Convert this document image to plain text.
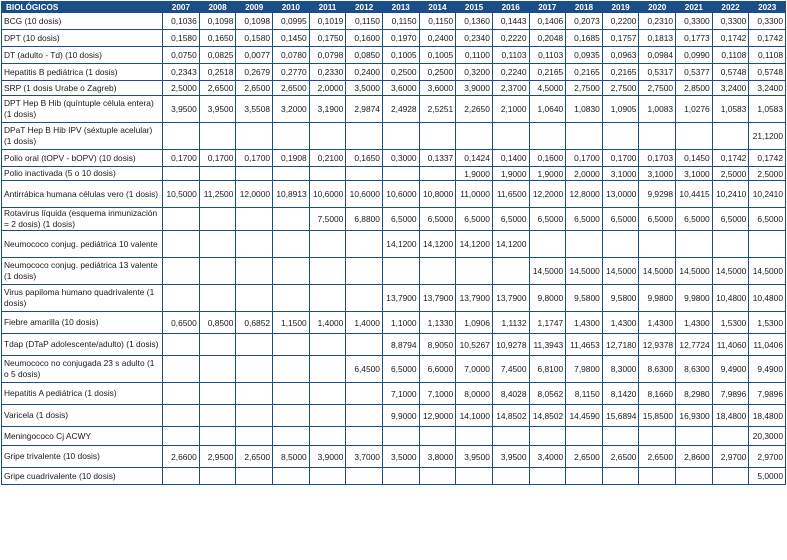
BIOLÓGICOS	2007	2008	2009	2010	2011	2012	2013	2014	2015	2016	2017	2018	2019	2020	2021	2022	2023
BCG (10 dosis)	0,1036	0,1098	0,1098	0,0995	0,1019	0,1150	0,1150	0,1150	0,1360	0,1443	0,1406	0,2073	0,2200	0,2310	0,3300	0,3300	0,3300
DPT (10 dosis)	0,1580	0,1650	0,1580	0,1450	0,1750	0,1600	0,1970	0,2400	0,2340	0,2220	0,2048	0,1685	0,1757	0,1813	0,1773	0,1742	0,1742
DT (adulto - Td) (10 dosis)	0,0750	0,0825	0,0077	0,0780	0,0798	0,0850	0,1005	0,1005	0,1100	0,1103	0,1103	0,0935	0,0963	0,0984	0,0990	0,1108	0,1108
Hepatitis B pediátrica (1 dosis)	0,2343	0,2518	0,2679	0,2770	0,2330	0,2400	0,2500	0,2500	0,3200	0,2240	0,2165	0,2165	0,2165	0,5317	0,5377	0,5748	0,5748
SRP (1 dosis Urabe o Zagreb)	2,5000	2,6500	2,6500	2,6500	2,0000	3,5000	3,6000	3,6000	3,9000	2,3700	4,5000	2,7500	2,7500	2,7500	2,8500	3,2400	3,2400
DPT Hep B Hib (quíntuple célula entera) (1 dosis)	3,9500	3,9500	3,5508	3,2000	3,1900	2,9874	2,4928	2,5251	2,2650	2,1000	1,0640	1,0830	1,0905	1,0083	1,0276	1,0583	1,0583
DPaT Hep B Hib IPV (séxtuple acelular) (1 dosis)																	21,1200
Polio oral (tOPV - bOPV) (10 dosis)	0,1700	0,1700	0,1700	0,1908	0,2100	0,1650	0,3000	0,1337	0,1424	0,1400	0,1600	0,1700	0,1700	0,1703	0,1450	0,1742	0,1742
Polio inactivada (5 o 10 dosis)									1,9000	1,9000	1,9000	2,0000	3,1000	3,1000	3,1000	2,5000	2,5000
Antirrábica humana células vero (1 dosis)	10,5000	11,2500	12,0000	10,8913	10,6000	10,6000	10,6000	10,8000	11,0000	11,6500	12,2000	12,8000	13,0000	9,9298	10,4415	10,2410	10,2410
Rotavirus líquida (esquema inmunización = 2 dosis) (1 dosis)					7,5000	6,8800	6,5000	6,5000	6,5000	6,5000	6,5000	6,5000	6,5000	6,5000	6,5000	6,5000	6,5000
Neumococo conjug. pediátrica 10 valente							14,1200	14,1200	14,1200	14,1200							
Neumococo conjug. pediátrica 13 valente (1 dosis)											14,5000	14,5000	14,5000	14,5000	14,5000	14,5000	14,5000
Virus papiloma humano quadrivalente (1 dosis)							13,7900	13,7900	13,7900	13,7900	9,8000	9,5800	9,5800	9,9800	9,9800	10,4800	10,4800
Fiebre amarilla (10 dosis)	0,6500	0,8500	0,6852	1,1500	1,4000	1,4000	1,1000	1,1330	1,0906	1,1132	1,1747	1,4300	1,4300	1,4300	1,4300	1,5300	1,5300
Tdap (DTaP adolescente/adulto) (1 dosis)							8,8794	8,9050	10,5267	10,9278	11,3943	11,4653	12,7180	12,9378	12,7724	11,4060	11,0406
Neumococo no conjugada 23 s adulto (1 o 5 dosis)						6,4500	6,5000	6,6000	7,0000	7,4500	6,8100	7,9800	8,3000	8,6300	8,6300	9,4900	9,4900
Hepatitis A pediátrica (1 dosis)							7,1000	7,1000	8,0000	8,4028	8,0562	8,1150	8,1420	8,1660	8,2980	7,9896	7,9896
Varicela (1 dosis)							9,9000	12,9000	14,1000	14,8502	14,8502	14,4590	15,6894	15,8500	16,9300	18,4800	18,4800
Meningococo Cj ACWY																	20,3000
Gripe trivalente (10 dosis)	2,6600	2,9500	2,6500	8,5000	3,9000	3,7000	3,5000	3,8000	3,9500	3,9500	3,4000	2,6500	2,6500	2,6500	2,8600	2,9700	2,9700
Gripe cuadrivalente (10 dosis)																	5,0000
